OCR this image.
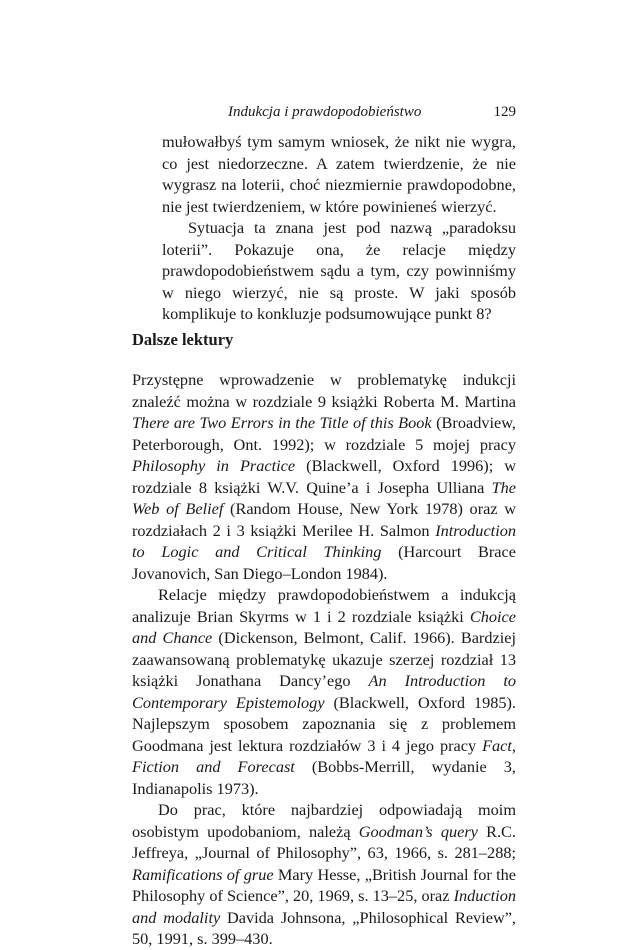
Indukcja i prawdopodobieństwo	129

mułowałbyś tym samym wniosek, że nikt nie wygra, co jest niedorzeczne. A zatem twierdzenie, że nie wygrasz na loterii, choć niezmiernie prawdopodobne, nie jest twierdzeniem, w które powinieneś wierzyć.

Sytuacja ta znana jest pod nazwą „paradoksu loterii”. Pokazuje ona, że relacje między prawdopodobieństwem sądu a tym, czy powinniśmy w niego wierzyć, nie są proste. W jaki sposób komplikuje to konkluzje podsumowujące punkt 8?

Dalsze lektury

Przystępne wprowadzenie w problematykę indukcji znaleźć można w rozdziale 9 książki Roberta M. Martina There are Two Errors in the Title of this Book (Broadview, Peterborough, Ont. 1992); w rozdziale 5 mojej pracy Philosophy in Practice (Blackwell, Oxford 1996); w rozdziale 8 książki W.V. Quine’a i Josepha Ulliana The Web of Belief (Random House, New York 1978) oraz w rozdziałach 2 i 3 książki Merilee H. Salmon Introduction to Logic and Critical Thinking (Harcourt Brace Jovanovich, San Diego–London 1984).

Relacje między prawdopodobieństwem a indukcją analizuje Brian Skyrms w 1 i 2 rozdziale książki Choice and Chance (Dickenson, Belmont, Calif. 1966). Bardziej zaawansowaną problematykę ukazuje szerzej rozdział 13 książki Jonathana Dancy’ego An Introduction to Contemporary Epistemology (Blackwell, Oxford 1985). Najlepszym sposobem zapoznania się z problemem Goodmana jest lektura rozdziałów 3 i 4 jego pracy Fact, Fiction and Forecast (Bobbs-Merrill, wydanie 3, Indianapolis 1973).

Do prac, które najbardziej odpowiadają moim osobistym upodobaniom, należą Goodman’s query R.C. Jeffreya, „Journal of Philosophy”, 63, 1966, s. 281–288; Ramifications of grue Mary Hesse, „British Journal for the Philosophy of Science”, 20, 1969, s. 13–25, oraz Induction and modality Davida Johnsona, „Philosophical Review”, 50, 1991, s. 399–430.
